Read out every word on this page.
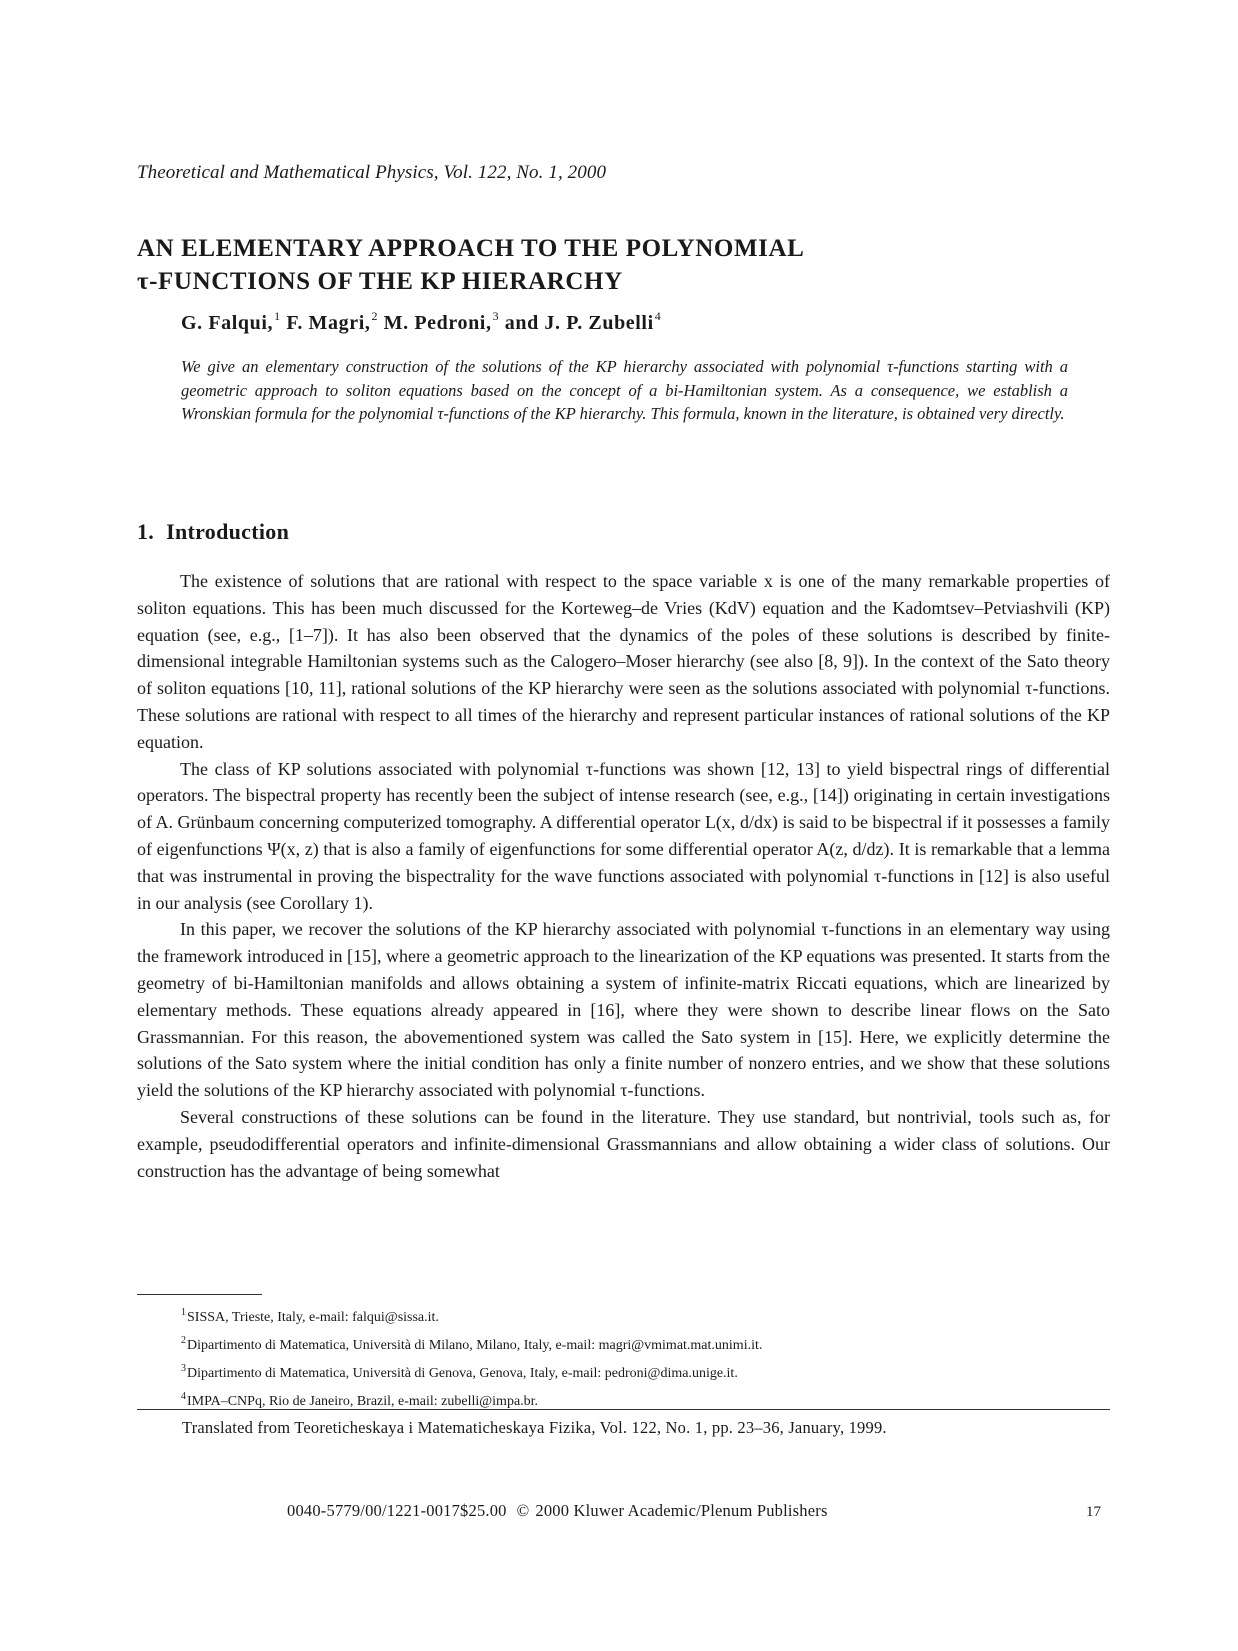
Theoretical and Mathematical Physics, Vol. 122, No. 1, 2000
AN ELEMENTARY APPROACH TO THE POLYNOMIAL
τ-FUNCTIONS OF THE KP HIERARCHY
G. Falqui,$^1$ F. Magri,$^2$ M. Pedroni,$^3$ and J. P. Zubelli$^4$
We give an elementary construction of the solutions of the KP hierarchy associated with polynomial τ-functions starting with a geometric approach to soliton equations based on the concept of a bi-Hamiltonian system. As a consequence, we establish a Wronskian formula for the polynomial τ-functions of the KP hierarchy. This formula, known in the literature, is obtained very directly.
1. Introduction

The existence of solutions that are rational with respect to the space variable x is one of the many remarkable properties of soliton equations. This has been much discussed for the Korteweg–de Vries (KdV) equation and the Kadomtsev–Petviashvili (KP) equation (see, e.g., [1–7]). It has also been observed that the dynamics of the poles of these solutions is described by finite-dimensional integrable Hamiltonian systems such as the Calogero–Moser hierarchy (see also [8, 9]). In the context of the Sato theory of soliton equations [10, 11], rational solutions of the KP hierarchy were seen as the solutions associated with polynomial τ-functions. These solutions are rational with respect to all times of the hierarchy and represent particular instances of rational solutions of the KP equation.

The class of KP solutions associated with polynomial τ-functions was shown [12, 13] to yield bispectral rings of differential operators. The bispectral property has recently been the subject of intense research (see, e.g., [14]) originating in certain investigations of A. Grünbaum concerning computerized tomography. A differential operator L(x, d/dx) is said to be bispectral if it possesses a family of eigenfunctions Ψ(x, z) that is also a family of eigenfunctions for some differential operator A(z, d/dz). It is remarkable that a lemma that was instrumental in proving the bispectrality for the wave functions associated with polynomial τ-functions in [12] is also useful in our analysis (see Corollary 1).

In this paper, we recover the solutions of the KP hierarchy associated with polynomial τ-functions in an elementary way using the framework introduced in [15], where a geometric approach to the linearization of the KP equations was presented. It starts from the geometry of bi-Hamiltonian manifolds and allows obtaining a system of infinite-matrix Riccati equations, which are linearized by elementary methods. These equations already appeared in [16], where they were shown to describe linear flows on the Sato Grassmannian. For this reason, the abovementioned system was called the Sato system in [15]. Here, we explicitly determine the solutions of the Sato system where the initial condition has only a finite number of nonzero entries, and we show that these solutions yield the solutions of the KP hierarchy associated with polynomial τ-functions.

Several constructions of these solutions can be found in the literature. They use standard, but nontrivial, tools such as, for example, pseudodifferential operators and infinite-dimensional Grassmannians and allow obtaining a wider class of solutions. Our construction has the advantage of being somewhat

$^1$SISSA, Trieste, Italy, e-mail: falqui@sissa.it.
$^2$Dipartimento di Matematica, Università di Milano, Milano, Italy, e-mail: magri@vmimat.mat.unimi.it.
$^3$Dipartimento di Matematica, Università di Genova, Genova, Italy, e-mail: pedroni@dima.unige.it.
$^4$IMPA–CNPq, Rio de Janeiro, Brazil, e-mail: zubelli@impa.br.
Translated from Teoreticheskaya i Matematicheskaya Fizika, Vol. 122, No. 1, pp. 23–36, January, 1999.
0040-5779/00/1221-0017$25.00 © 2000 Kluwer Academic/Plenum Publishers	17
